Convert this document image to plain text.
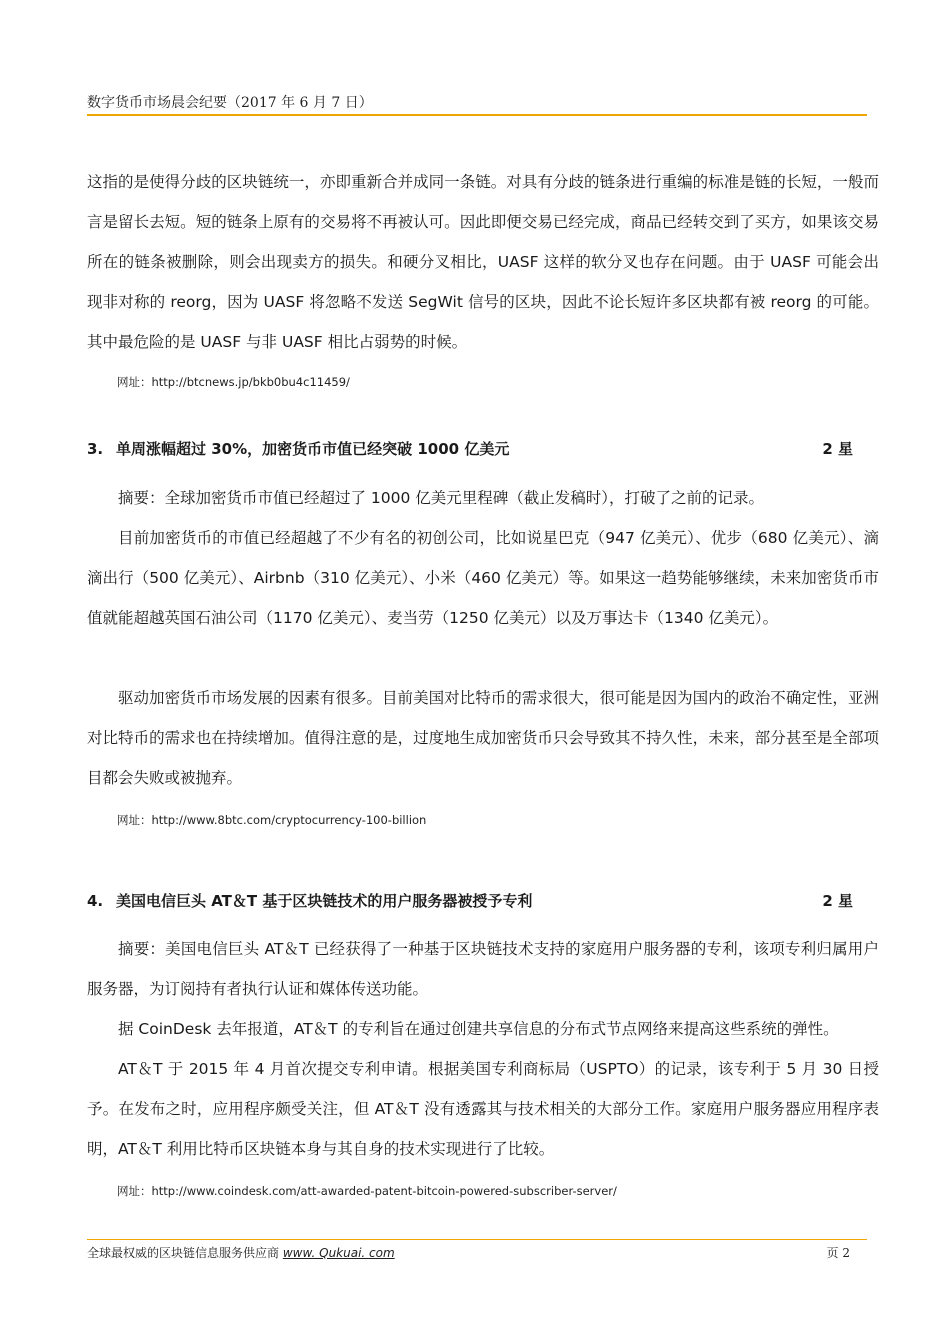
数字货币市场晨会纪要（2017 年 6 月 7 日）

这指的是使得分歧的区块链统一，亦即重新合并成同一条链。对具有分歧的链条进行重编的标准是链的长短，一般而言是留长去短。短的链条上原有的交易将不再被认可。因此即便交易已经完成，商品已经转交到了买方，如果该交易所在的链条被删除，则会出现卖方的损失。和硬分叉相比，UASF 这样的软分叉也存在问题。由于 UASF 可能会出现非对称的 reorg，因为 UASF 将忽略不发送 SegWit 信号的区块，因此不论长短许多区块都有被 reorg 的可能。其中最危险的是 UASF 与非 UASF 相比占弱势的时候。

网址：http://btcnews.jp/bkb0bu4c11459/

3. 单周涨幅超过 30%，加密货币市值已经突破 1000 亿美元	2 星

摘要：全球加密货币市值已经超过了 1000 亿美元里程碑（截止发稿时），打破了之前的记录。

目前加密货币的市值已经超越了不少有名的初创公司，比如说星巴克（947 亿美元）、优步（680 亿美元）、滴滴出行（500 亿美元）、Airbnb（310 亿美元）、小米（460 亿美元）等。如果这一趋势能够继续，未来加密货币市值就能超越英国石油公司（1170 亿美元）、麦当劳（1250 亿美元）以及万事达卡（1340 亿美元）。

驱动加密货币市场发展的因素有很多。目前美国对比特币的需求很大，很可能是因为国内的政治不确定性，亚洲对比特币的需求也在持续增加。值得注意的是，过度地生成加密货币只会导致其不持久性，未来，部分甚至是全部项目都会失败或被抛弃。

网址：http://www.8btc.com/cryptocurrency-100-billion

4. 美国电信巨头 AT＆T 基于区块链技术的用户服务器被授予专利	2 星

摘要：美国电信巨头 AT＆T 已经获得了一种基于区块链技术支持的家庭用户服务器的专利，该项专利归属用户服务器，为订阅持有者执行认证和媒体传送功能。

据 CoinDesk 去年报道，AT＆T 的专利旨在通过创建共享信息的分布式节点网络来提高这些系统的弹性。

AT＆T 于 2015 年 4 月首次提交专利申请。根据美国专利商标局（USPTO）的记录，该专利于 5 月 30 日授予。在发布之时，应用程序颇受关注，但 AT＆T 没有透露其与技术相关的大部分工作。家庭用户服务器应用程序表明，AT＆T 利用比特币区块链本身与其自身的技术实现进行了比较。

网址：http://www.coindesk.com/att-awarded-patent-bitcoin-powered-subscriber-server/

全球最权威的区块链信息服务供应商 www. Qukuai. com	页 2
